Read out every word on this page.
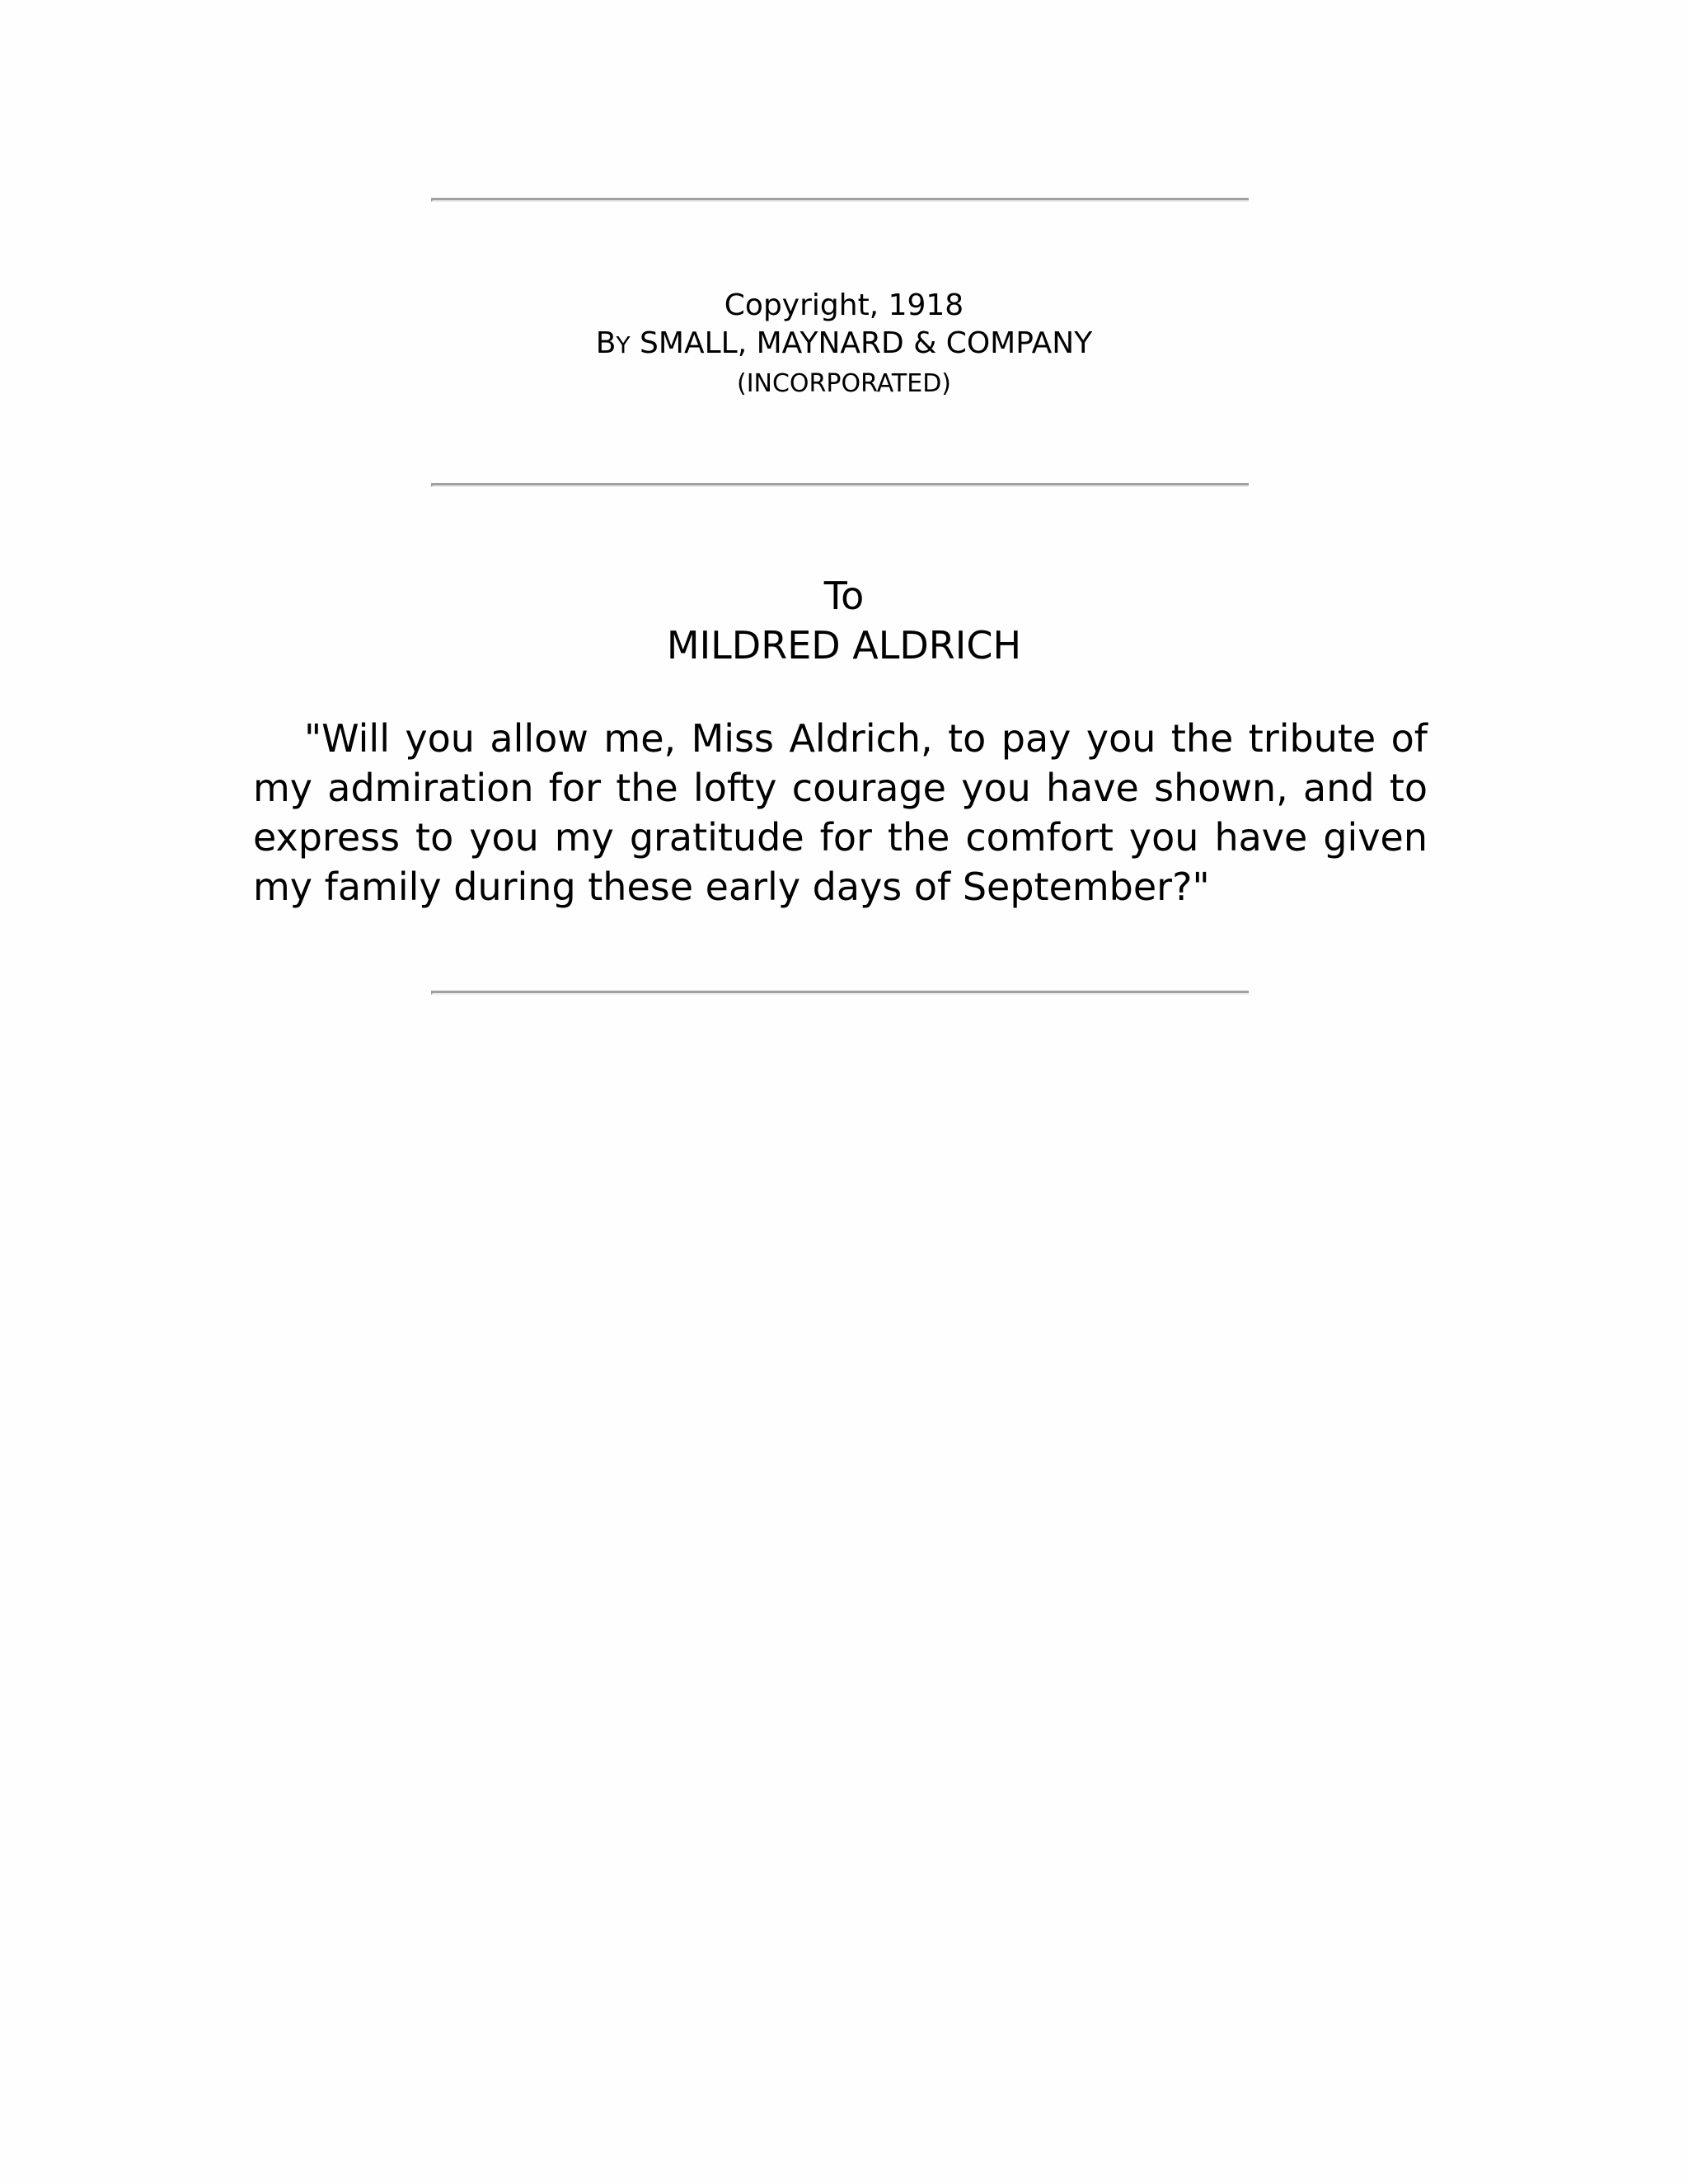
Copyright, 1918
BY SMALL, MAYNARD & COMPANY
(INCORPORATED)
To
MILDRED ALDRICH

"Will you allow me, Miss Aldrich, to pay you the tribute of my admiration for the lofty courage you have shown, and to express to you my gratitude for the comfort you have given my family during these early days of September?"
